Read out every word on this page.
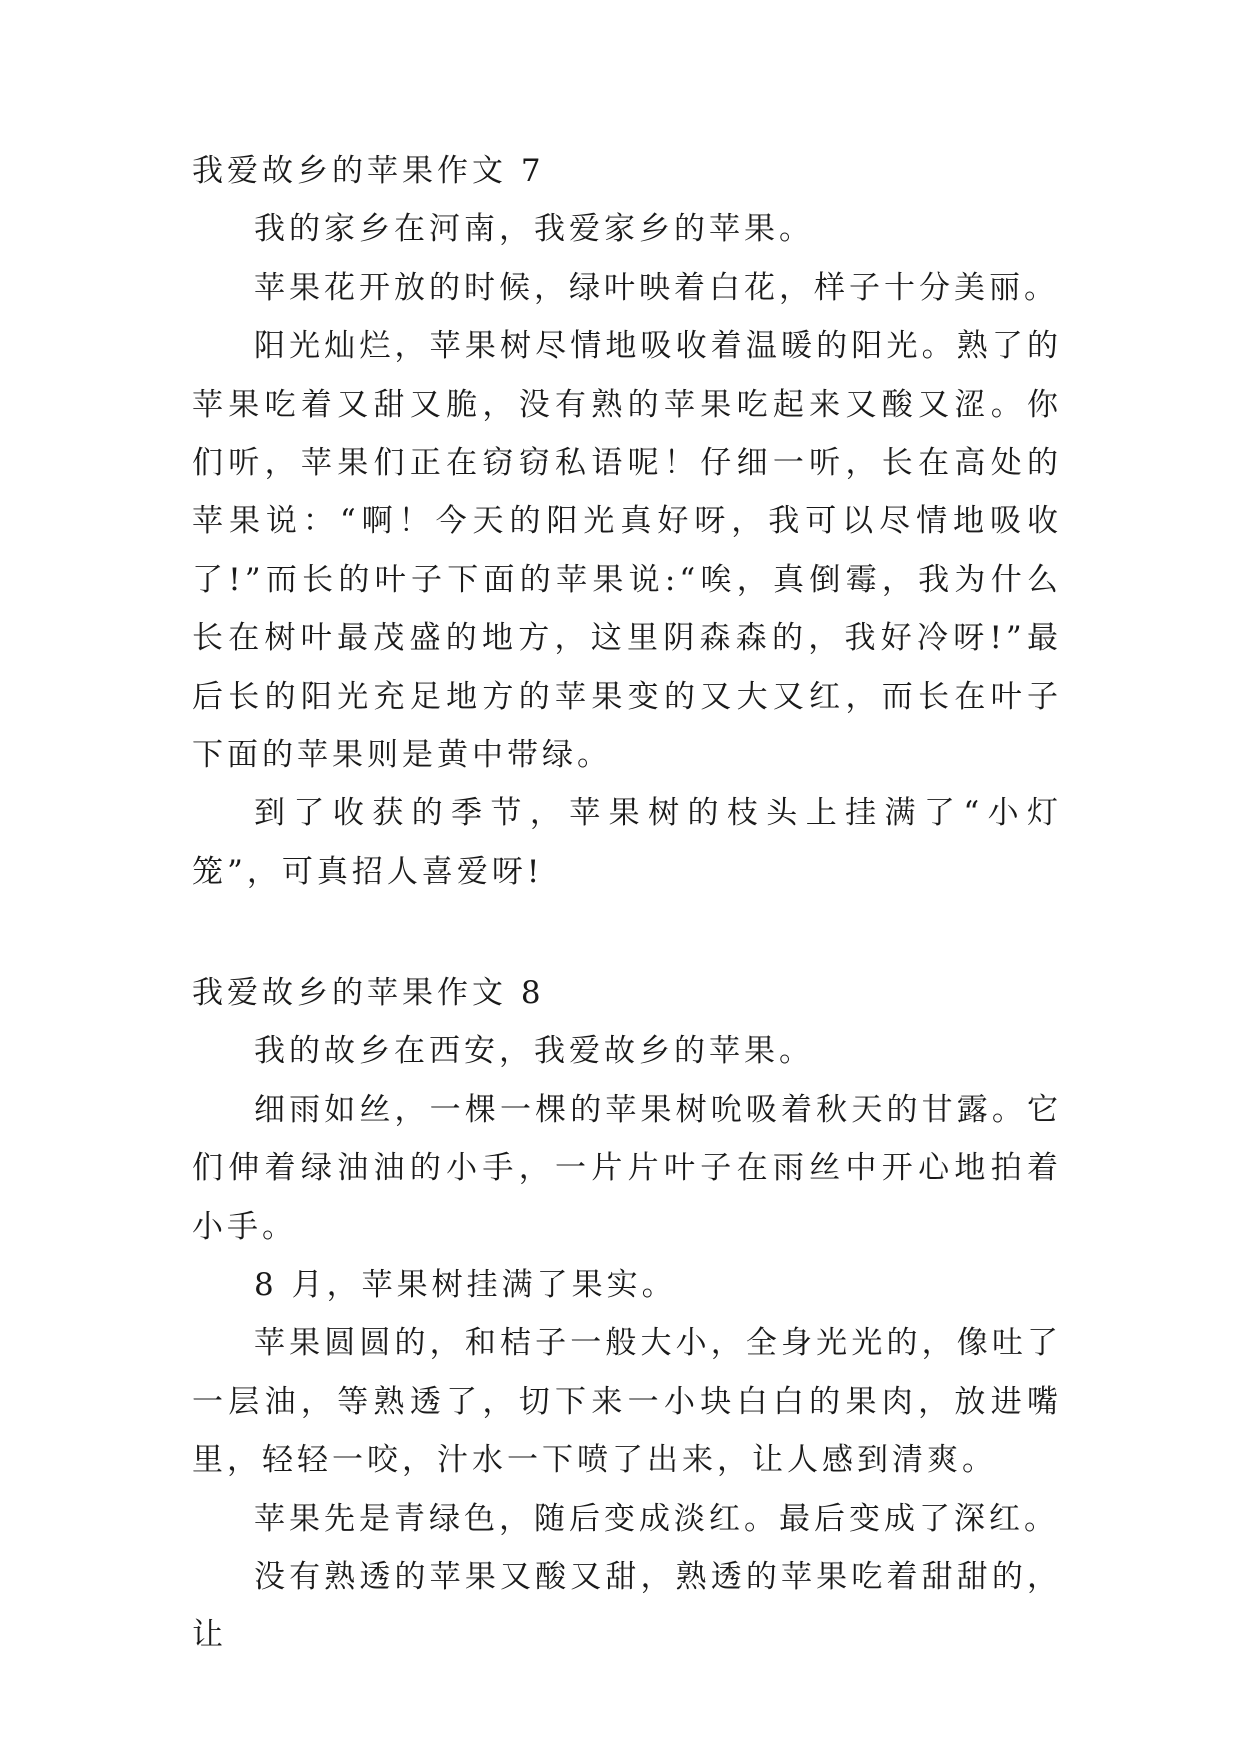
我爱故乡的苹果作文 7

我的家乡在河南，我爱家乡的苹果。

苹果花开放的时候，绿叶映着白花，样子十分美丽。

阳光灿烂，苹果树尽情地吸收着温暖的阳光。熟了的苹果吃着又甜又脆，没有熟的苹果吃起来又酸又涩。你们听，苹果们正在窃窃私语呢！仔细一听，长在高处的苹果说：“啊！今天的阳光真好呀，我可以尽情地吸收了!”而长的叶子下面的苹果说:“唉，真倒霉，我为什么长在树叶最茂盛的地方，这里阴森森的，我好冷呀!”最后长的阳光充足地方的苹果变的又大又红，而长在叶子下面的苹果则是黄中带绿。

到了收获的季节，苹果树的枝头上挂满了“小灯笼”，可真招人喜爱呀!

我爱故乡的苹果作文 8

我的故乡在西安，我爱故乡的苹果。

细雨如丝，一棵一棵的苹果树吮吸着秋天的甘露。它们伸着绿油油的小手，一片片叶子在雨丝中开心地拍着小手。

8 月，苹果树挂满了果实。

苹果圆圆的，和桔子一般大小，全身光光的，像吐了一层油，等熟透了，切下来一小块白白的果肉，放进嘴里，轻轻一咬，汁水一下喷了出来，让人感到清爽。

苹果先是青绿色，随后变成淡红。最后变成了深红。

没有熟透的苹果又酸又甜，熟透的苹果吃着甜甜的，让
